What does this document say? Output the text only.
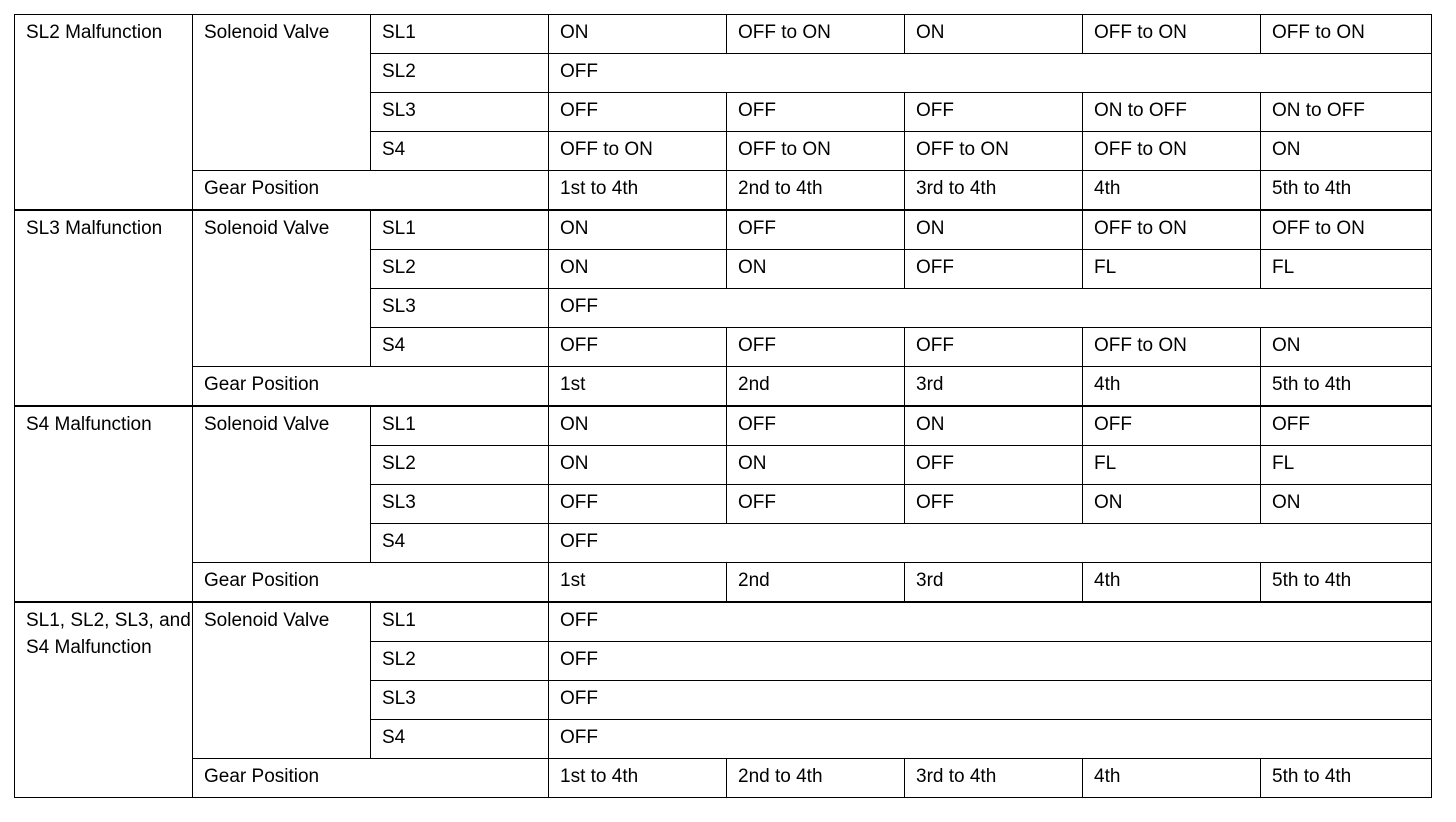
SL2 Malfunction	Solenoid Valve	SL1	ON	OFF to ON	ON	OFF to ON	OFF to ON
		SL2	OFF				
		SL3	OFF	OFF	OFF	ON to OFF	ON to OFF
		S4	OFF to ON	OFF to ON	OFF to ON	OFF to ON	ON
	Gear Position		1st to 4th	2nd to 4th	3rd to 4th	4th	5th to 4th
SL3 Malfunction	Solenoid Valve	SL1	ON	OFF	ON	OFF to ON	OFF to ON
		SL2	ON	ON	OFF	FL	FL
		SL3	OFF				
		S4	OFF	OFF	OFF	OFF to ON	ON
	Gear Position		1st	2nd	3rd	4th	5th to 4th
S4 Malfunction	Solenoid Valve	SL1	ON	OFF	ON	OFF	OFF
		SL2	ON	ON	OFF	FL	FL
		SL3	OFF	OFF	OFF	ON	ON
		S4	OFF				
	Gear Position		1st	2nd	3rd	4th	5th to 4th
SL1, SL2, SL3, and S4 Malfunction	Solenoid Valve	SL1	OFF				
		SL2	OFF				
		SL3	OFF				
		S4	OFF				
	Gear Position		1st to 4th	2nd to 4th	3rd to 4th	4th	5th to 4th
